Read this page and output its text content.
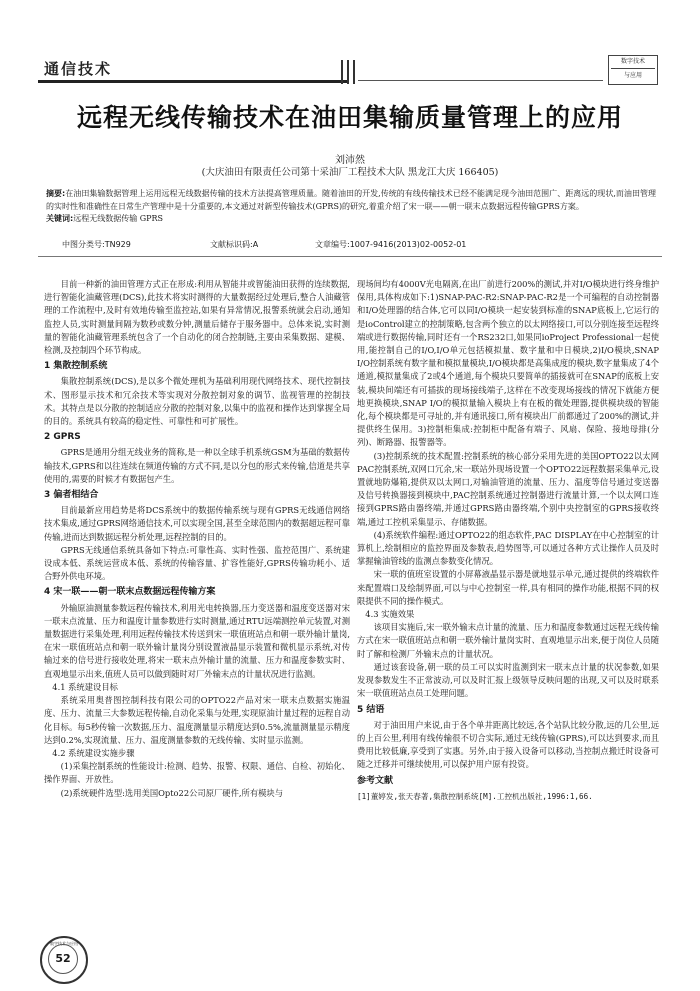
通信技术	数字技术
与应用
远程无线传输技术在油田集输质量管理上的应用
刘沛然
(大庆油田有限责任公司第十采油厂工程技术大队 黑龙江大庆 166405)
摘要:在油田集输数据管理上运用远程无线数据传输的技术方法提高管理质量。随着油田的开发,传统的有线传输技术已经不能满足现今油田范围广、距离远的现状,而油田管理的实时性和准确性在日常生产管理中是十分重要的,本文通过对新型传输技术(GPRS)的研究,着重介绍了宋一联——朝一联末点数据远程传输GPRS方案。
关键词:远程无线数据传输 GPRS
中图分类号:TN929	文献标识码:A	文章编号:1007-9416(2013)02-0052-01

目前一种新的油田管理方式正在形成:利用从智能井或智能油田获得的连续数据,进行智能化油藏管理(DCS),此技术将实时测得的大量数据经过处理后,整合人油藏管理的工作流程中,及时有效地传输至监控站,如果有异常情况,报警系统就会启动,通知监控人员,实时测量间隔为数秒或数分钟,测量后储存于服务器中。总体来说,实时测量的智能化油藏管理系统包含了一个自动化的闭合控制链,主要由采集数据、建模、检测,及控制四个环节构成。

1 集散控制系统

集散控制系统(DCS),是以多个微处理机为基础利用现代网络技术、现代控制技术、图形显示技术和冗余技术等实现对分散控制对象的调节、监视管理的控制技术。其特点是以分散的控制适应分散的控制对象,以集中的监视和操作达到掌握全局的目的。系统具有较高的稳定性、可靠性和可扩展性。

2 GPRS

GPRS是通用分组无线业务的简称,是一种以全球手机系统GSM为基础的数据传输技术,GPRS和以往连续在频道传输的方式不同,是以分包的形式来传输,信道是共享使用的,需要的时候才有数据包产生。

3 偏者相结合

目前最新应用趋势是将DCS系统中的数据传输系统与现有GPRS无线通信网络技术集成,通过GPRS网络通信技术,可以实现全国,甚至全球范围内的数据超远程可靠传输,进而达到数据远程分析处理,远程控制的目的。

GPRS无线通信系统具备如下特点:可靠性高、实时性强、监控范围广、系统建设成本低、系统运营成本低、系统的传输容量、扩容性能好,GPRS传输功耗小、适合野外供电环境。

4 宋一联——朝一联末点数据远程传输方案

外输原油测量参数远程传输技术,利用光电转换器,压力变送器和温度变送器对宋一联末点流量、压力和温度计量参数进行实时测量,通过RTU远端测控单元装置,对测量数据进行采集处理,利用远程传输技术传送到宋一联值班站点和朝一联外输计量岗,在宋一联值班站点和朝一联外输计量岗分别设置液晶显示装置和微机显示系统,对传输过来的信号进行接收处理,将宋一联末点外输计量的流量、压力和温度参数实时、直观地显示出来,值班人员可以做到随时对厂外输末点的计量状况进行监测。

4.1 系统建设目标

系统采用奥普图控制科技有限公司的OPTO22产品对宋一联末点数据实施温度、压力、流量三大参数远程传输,自动化采集与处理,实现原油计量过程的远程自动化目标。每5秒传输一次数据,压力、温度测量显示精度达到0.5%,流量测量显示精度达到0.2%,实现流量、压力、温度测量参数的无线传输、实时显示监测。

4.2 系统建设实施步骤

(1)采集控制系统的性能设计:检测、趋势、报警、权限、通信、自检、初始化、操作界面、开放性。

(2)系统硬件选型:选用美国Opto22公司原厂硬件,所有模块与

现场间均有4000V光电隔离,在出厂前进行200%的测试,并对I/O模块进行终身维护保用,具体构成如下:1)SNAP-PAC-R2:SNAP-PAC-R2是一个可编程的自动控制器和I/O处理器的结合体,它可以同I/O模块一起安装到标准的SNAP底板上,它运行的是ioControl建立的控制策略,包含两个独立的以太网络接口,可以分别连接至远程终端或进行数据传输,同时还有一个RS232口,如果同ioProject Professional一起使用,能控制自己的I/O,I/O单元包括模拟量、数字量和中日模块,2)I/O模块,SNAP I/O控制系统有数字量和模拟量模块,I/O模块都是高集成度的模块,数字量集成了4个通道,模拟量集成了2或4个通道,每个模块只要简单的插接就可在SNAP的底板上安装,模块间端还有可插拔的现场接线端子,这样在不改变现场接线的情况下就能方便地更换模块,SNAP I/O的模拟量输入模块上有在板的微处理器,提供模块级的智能化,每个模块都是可寻址的,并有通讯接口,所有模块出厂前都通过了200%的测试,并提供终生保用。3)控制柜集成:控制柜中配备有端子、风扇、保险、接地母排(分列)、断路器、报警器等。

(3)控制系统的技术配置:控制系统的核心部分采用先进的美国OPTO22以太网PAC控制系统,双网口冗余,宋一联站外现场设置一个OPTO22远程数据采集单元,设置就地防爆箱,提供双以太网口,对输油管道的流量、压力、温度等信号通过变送器及信号转换器接到模块中,PAC控制系统通过控制器进行流量计算,一个以太网口连接到GPRS路由器终端,并通过GPRS路由器终端,个别中央控制室的GPRS接收终端,通过工控机采集显示、存储数据。

(4)系统软件编程:通过OPTO22的组态软件,PAC DISPLAY在中心控制室的计算机上,绘制相应的监控界面及参数表,趋势图等,可以通过各种方式让操作人员及时掌握输油管线的监测点参数变化情况。

宋一联的值班室设置的小屏幕液晶显示器是就地显示单元,通过提供的终端软件来配置端口及绘制界面,可以与中心控制室一样,具有相同的操作功能,根据不同的权限提供不同的操作模式。

4.3 实施效果

该项目实施后,宋一联外输末点计量的流量、压力和温度参数通过远程无线传输方式在宋一联值班站点和朝一联外输计量岗实时、直观地显示出来,便于岗位人员随时了解和检测厂外输末点的计量状况。

通过该套设备,朝一联的员工可以实时监测到宋一联末点计量的状况参数,如果发现参数发生不正常波动,可以及时汇报上级领导反映问题的出现,又可以及时联系宋一联值班站点员工处理问题。

5 结语

对于油田用户来说,由于各个单井距离比较远,各个站队比较分散,远的几公里,远的上百公里,利用有线传输很不切合实际,通过无线传输(GPRS),可以达到要求,而且费用比较低廉,享受到了实惠。另外,由于接入设备可以移动,当控制点搬迁时设备可随之迁移并可继续使用,可以保护用户原有投资。

参考文献

[1]董婷发,张天春著,集散控制系统[M].工控机出版社,1996:1,66.

数字技术与应用
52
